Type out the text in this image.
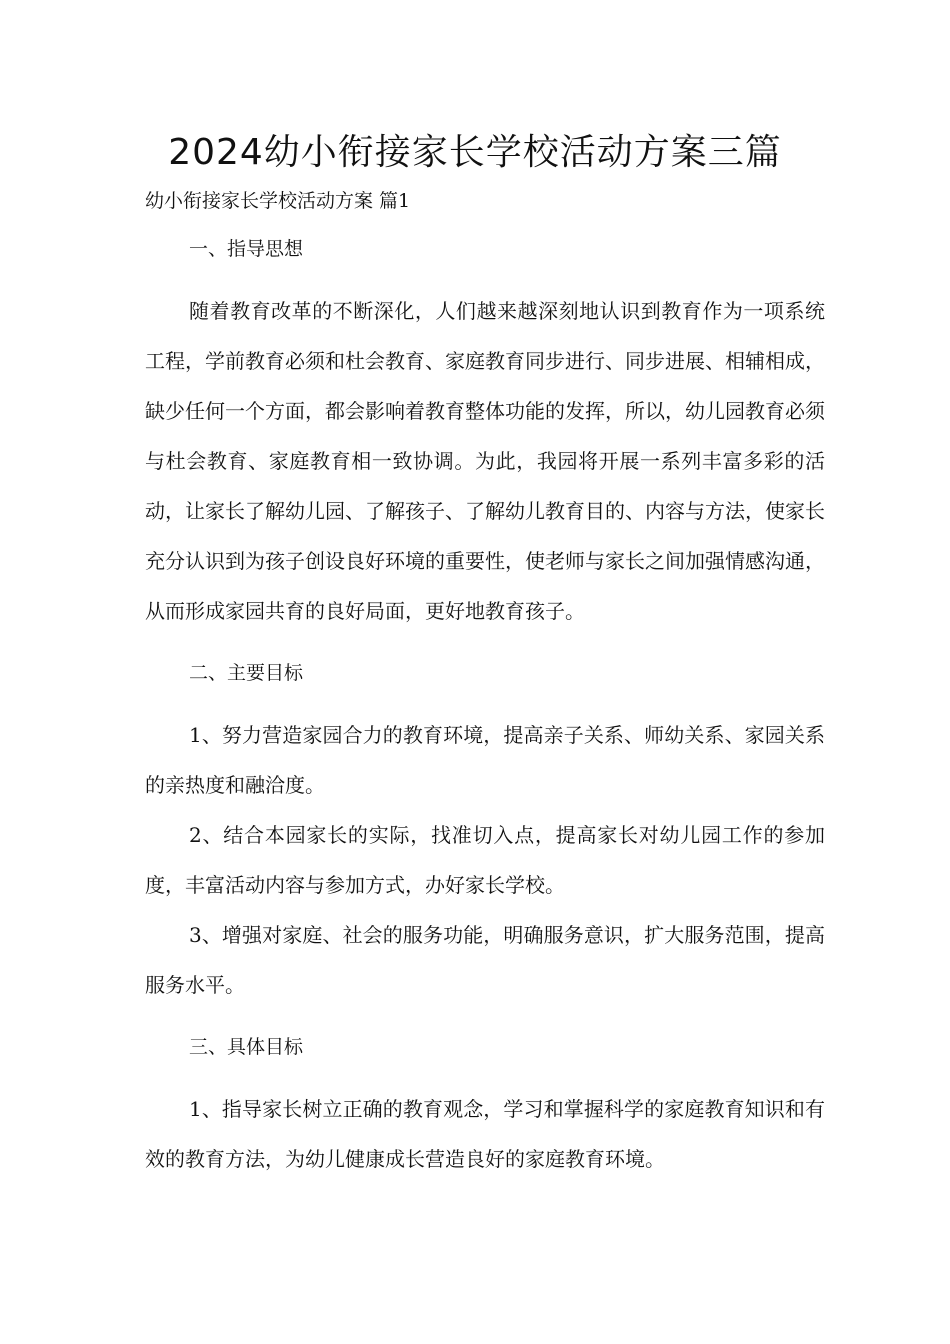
2024幼小衔接家长学校活动方案三篇
幼小衔接家长学校活动方案 篇1

一、指导思想

随着教育改革的不断深化，人们越来越深刻地认识到教育作为一项系统工程，学前教育必须和杜会教育、家庭教育同步进行、同步进展、相辅相成，缺少任何一个方面，都会影响着教育整体功能的发挥，所以，幼儿园教育必须与杜会教育、家庭教育相一致协调。为此，我园将开展一系列丰富多彩的活动，让家长了解幼儿园、了解孩子、了解幼儿教育目的、内容与方法，使家长充分认识到为孩子创设良好环境的重要性，使老师与家长之间加强情感沟通，从而形成家园共育的良好局面，更好地教育孩子。

二、主要目标

1、努力营造家园合力的教育环境，提高亲子关系、师幼关系、家园关系的亲热度和融洽度。

2、结合本园家长的实际，找准切入点，提高家长对幼儿园工作的参加度，丰富活动内容与参加方式，办好家长学校。

3、增强对家庭、社会的服务功能，明确服务意识，扩大服务范围，提高服务水平。

三、具体目标

1、指导家长树立正确的教育观念，学习和掌握科学的家庭教育知识和有效的教育方法，为幼儿健康成长营造良好的家庭教育环境。
